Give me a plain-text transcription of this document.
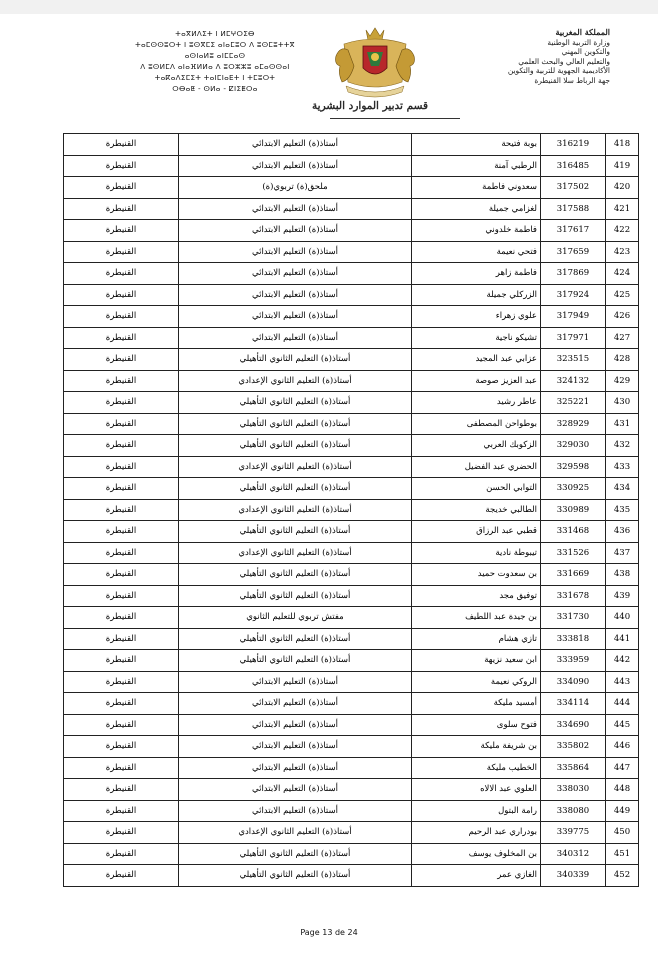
ⵜⴰⴳⵍⴷⵉⵜ ⵏ ⵍⵎⵖⵔⵉⴱ
ⵜⴰⵎⵙⵙⵓⵔⵜ ⵏ ⵓⵙⴳⵎⵉ ⴰⵏⴰⵎⵓⵔ ⴷ ⵓⵙⵎⵓⵜⵜⴳ
ⴰⵙⵏⴰⵍⵓ ⴰⵏⵎⵎⴰⵙ
ⴷ ⵓⵙⵍⵎⴷ ⴰⵏⴰⴼⵍⵍⴰ ⴷ ⵓⵔⵣⵣⵓ ⴰⵎⴰⵙⵙⴰⵏ
ⵜⴰⴽⴰⴷⵉⵎⵉⵜ ⵜⴰⵏⵎⵏⴰⴹⵜ ⵏ ⵜⵎⵓⵔⵜ
ⵔⴱⴰⵟ - ⵙⵍⴰ - ⵇⵏⵉⵟⵔⴰ
المملكة المغربية
وزارة التربية الوطنية
والتكوين المهني
والتعليم العالي والبحث العلمي
الأكاديمية الجهوية للتربية والتكوين
جهة الرباط سلا القنيطرة
قسم تدبير الموارد البشرية
القنيطرة	أستاذ(ة) التعليم الابتدائي	بوبة فتيحة	316219	418
القنيطرة	أستاذ(ة) التعليم الابتدائي	الرطبي آمنة	316485	419
القنيطرة	ملحق(ة) تربوي(ة)	سعدوني فاطمة	317502	420
القنيطرة	أستاذ(ة) التعليم الابتدائي	لغزامي جميلة	317588	421
القنيطرة	أستاذ(ة) التعليم الابتدائي	فاطمة خلدوني	317617	422
القنيطرة	أستاذ(ة) التعليم الابتدائي	فتحي نعيمة	317659	423
القنيطرة	أستاذ(ة) التعليم الابتدائي	فاطمة زاهر	317869	424
القنيطرة	أستاذ(ة) التعليم الابتدائي	الزركلي جميلة	317924	425
القنيطرة	أستاذ(ة) التعليم الابتدائي	علوي زهراء	317949	426
القنيطرة	أستاذ(ة) التعليم الابتدائي	تشيكو ناجية	317971	427
القنيطرة	أستاذ(ة) التعليم الثانوي التأهيلي	عزابي عبد المجيد	323515	428
القنيطرة	أستاذ(ة) التعليم الثانوي الإعدادي	عبد العزيز صوصة	324132	429
القنيطرة	أستاذ(ة) التعليم الثانوي التأهيلي	عاطر رشيد	325221	430
القنيطرة	أستاذ(ة) التعليم الثانوي التأهيلي	بوطواحن المصطفى	328929	431
القنيطرة	أستاذ(ة) التعليم الثانوي التأهيلي	الزكوبك العربي	329030	432
القنيطرة	أستاذ(ة) التعليم الثانوي الإعدادي	الحضري عبد الفضيل	329598	433
القنيطرة	أستاذ(ة) التعليم الثانوي التأهيلي	التوابي الحسن	330925	434
القنيطرة	أستاذ(ة) التعليم الثانوي الإعدادي	الطالبي خديجة	330989	435
القنيطرة	أستاذ(ة) التعليم الثانوي التأهيلي	قطبي عبد الرزاق	331468	436
القنيطرة	أستاذ(ة) التعليم الثانوي الإعدادي	تيبوطة نادية	331526	437
القنيطرة	أستاذ(ة) التعليم الثانوي التأهيلي	بن سعدوت حميد	331669	438
القنيطرة	أستاذ(ة) التعليم الثانوي التأهيلي	توفيق مجد	331678	439
القنيطرة	مفتش تربوي للتعليم الثانوي	بن جيدة عبد اللطيف	331730	440
القنيطرة	أستاذ(ة) التعليم الثانوي التأهيلي	تازي هشام	333818	441
القنيطرة	أستاذ(ة) التعليم الثانوي التأهيلي	ابن سعيد نزيهة	333959	442
القنيطرة	أستاذ(ة) التعليم الابتدائي	الروكي نعيمة	334090	443
القنيطرة	أستاذ(ة) التعليم الابتدائي	أمسيد مليكة	334114	444
القنيطرة	أستاذ(ة) التعليم الابتدائي	فتوح سلوى	334690	445
القنيطرة	أستاذ(ة) التعليم الابتدائي	بن شريفة مليكة	335802	446
القنيطرة	أستاذ(ة) التعليم الابتدائي	الخطيب مليكة	335864	447
القنيطرة	أستاذ(ة) التعليم الابتدائي	العلوي عبد الالاه	338030	448
القنيطرة	أستاذ(ة) التعليم الابتدائي	رامة البتول	338080	449
القنيطرة	أستاذ(ة) التعليم الثانوي الإعدادي	بودراري عبد الرحيم	339775	450
القنيطرة	أستاذ(ة) التعليم الثانوي التأهيلي	بن المخلوف يوسف	340312	451
القنيطرة	أستاذ(ة) التعليم الثانوي التأهيلي	الغازي عمر	340339	452
Page 13 de 24
